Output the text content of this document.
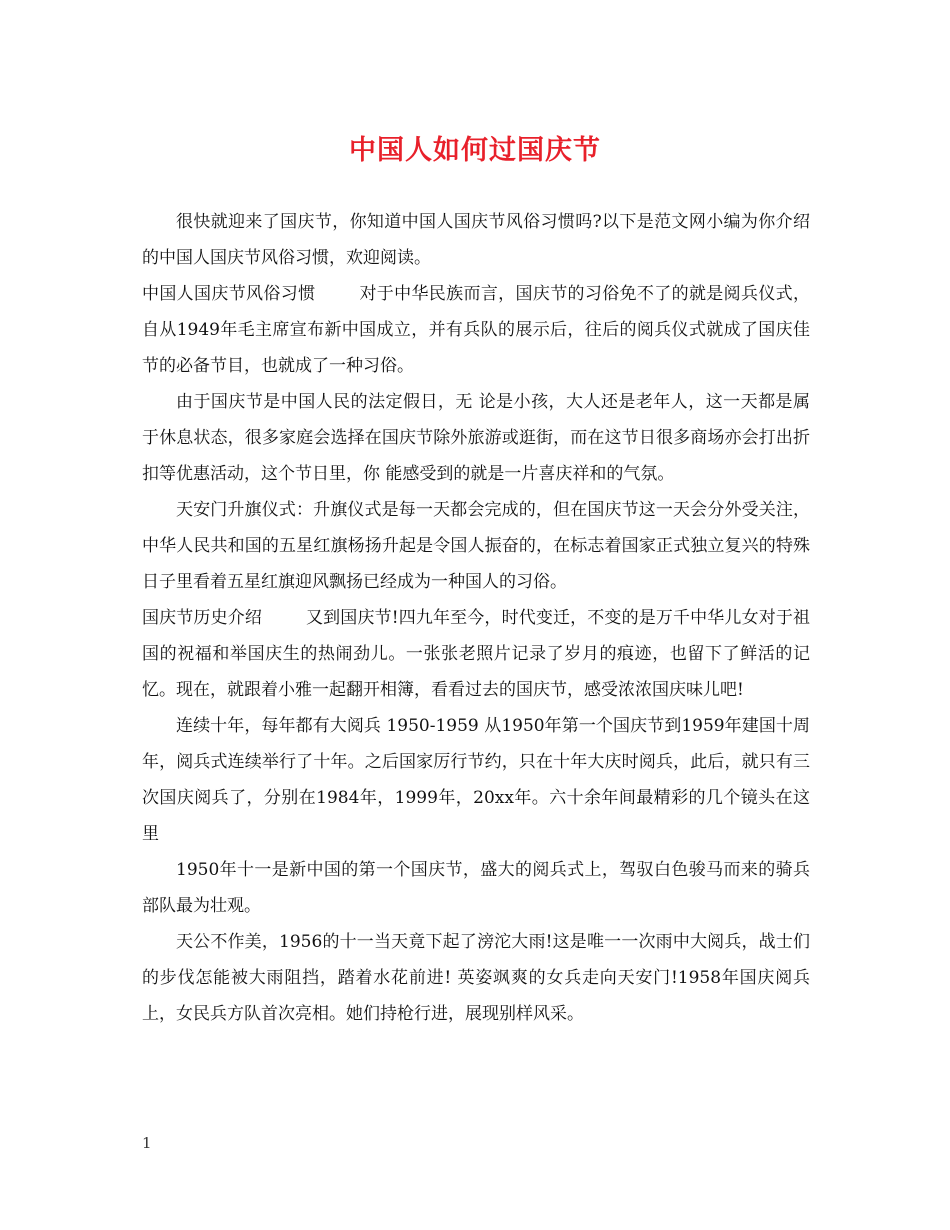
中国人如何过国庆节

很快就迎来了国庆节，你知道中国人国庆节风俗习惯吗?以下是范文网小编为你介绍的中国人国庆节风俗习惯，欢迎阅读。

中国人国庆节风俗习惯	对于中华民族而言，国庆节的习俗免不了的就是阅兵仪式，自从1949年毛主席宣布新中国成立，并有兵队的展示后，往后的阅兵仪式就成了国庆佳节的必备节目，也就成了一种习俗。

由于国庆节是中国人民的法定假日，无 论是小孩，大人还是老年人，这一天都是属于休息状态，很多家庭会选择在国庆节除外旅游或逛街，而在这节日很多商场亦会打出折扣等优惠活动，这个节日里，你 能感受到的就是一片喜庆祥和的气氛。

天安门升旗仪式：升旗仪式是每一天都会完成的，但在国庆节这一天会分外受关注，中华人民共和国的五星红旗杨扬升起是令国人振奋的，在标志着国家正式独立复兴的特殊日子里看着五星红旗迎风飘扬已经成为一种国人的习俗。

国庆节历史介绍	又到国庆节!四九年至今，时代变迁，不变的是万千中华儿女对于祖国的祝福和举国庆生的热闹劲儿。一张张老照片记录了岁月的痕迹，也留下了鲜活的记忆。现在，就跟着小雅一起翻开相簿，看看过去的国庆节，感受浓浓国庆味儿吧!

连续十年，每年都有大阅兵 1950-1959 从1950年第一个国庆节到1959年建国十周年，阅兵式连续举行了十年。之后国家厉行节约，只在十年大庆时阅兵，此后，就只有三次国庆阅兵了，分别在1984年，1999年，20xx年。六十余年间最精彩的几个镜头在这里

1950年十一是新中国的第一个国庆节，盛大的阅兵式上，驾驭白色骏马而来的骑兵部队最为壮观。

天公不作美，1956的十一当天竟下起了滂沱大雨!这是唯一一次雨中大阅兵，战士们的步伐怎能被大雨阻挡，踏着水花前进! 英姿飒爽的女兵走向天安门!1958年国庆阅兵上，女民兵方队首次亮相。她们持枪行进，展现别样风采。

1
